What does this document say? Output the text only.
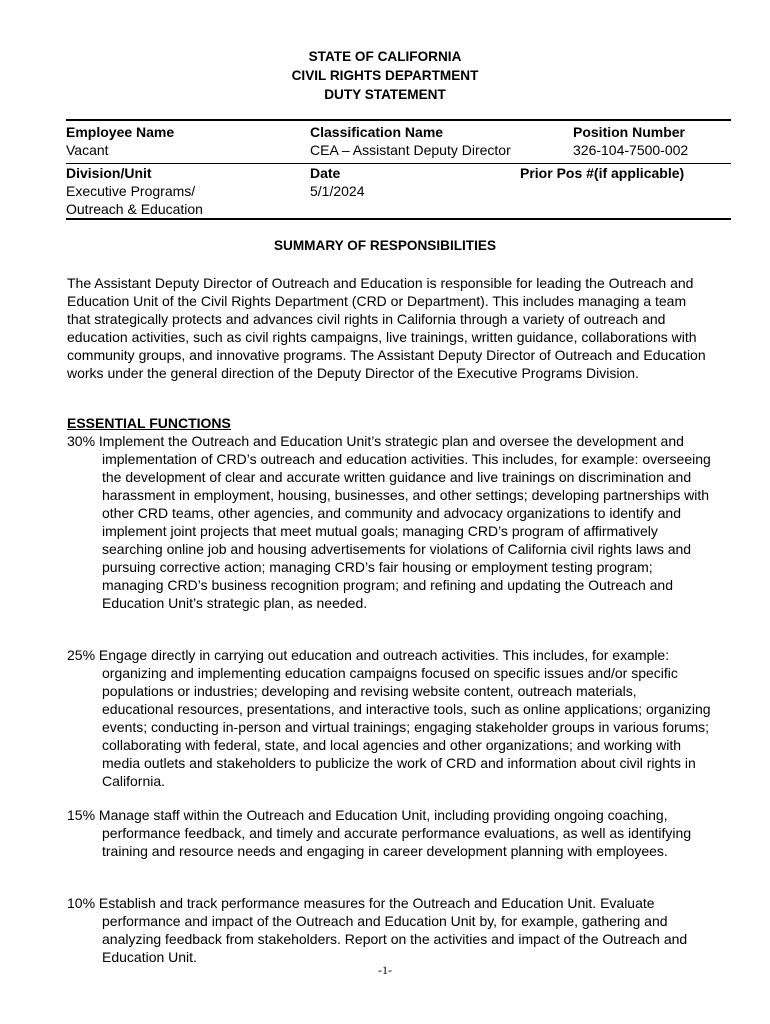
STATE OF CALIFORNIA
CIVIL RIGHTS DEPARTMENT
DUTY STATEMENT
Employee Name
Vacant
Classification Name
CEA – Assistant Deputy Director
Position Number
326-104-7500-002
Division/Unit
Executive Programs/
Outreach & Education
Date
5/1/2024
Prior Pos #(if applicable)
SUMMARY OF RESPONSIBILITIES

The Assistant Deputy Director of Outreach and Education is responsible for leading the Outreach and Education Unit of the Civil Rights Department (CRD or Department). This includes managing a team that strategically protects and advances civil rights in California through a variety of outreach and education activities, such as civil rights campaigns, live trainings, written guidance, collaborations with community groups, and innovative programs. The Assistant Deputy Director of Outreach and Education works under the general direction of the Deputy Director of the Executive Programs Division.

ESSENTIAL FUNCTIONS

30% Implement the Outreach and Education Unit’s strategic plan and oversee the development and implementation of CRD’s outreach and education activities. This includes, for example: overseeing the development of clear and accurate written guidance and live trainings on discrimination and harassment in employment, housing, businesses, and other settings; developing partnerships with other CRD teams, other agencies, and community and advocacy organizations to identify and implement joint projects that meet mutual goals; managing CRD’s program of affirmatively searching online job and housing advertisements for violations of California civil rights laws and pursuing corrective action; managing CRD’s fair housing or employment testing program; managing CRD’s business recognition program; and refining and updating the Outreach and Education Unit’s strategic plan, as needed.

25% Engage directly in carrying out education and outreach activities. This includes, for example: organizing and implementing education campaigns focused on specific issues and/or specific populations or industries; developing and revising website content, outreach materials, educational resources, presentations, and interactive tools, such as online applications; organizing events; conducting in-person and virtual trainings; engaging stakeholder groups in various forums; collaborating with federal, state, and local agencies and other organizations; and working with media outlets and stakeholders to publicize the work of CRD and information about civil rights in California.

15% Manage staff within the Outreach and Education Unit, including providing ongoing coaching, performance feedback, and timely and accurate performance evaluations, as well as identifying training and resource needs and engaging in career development planning with employees.

10% Establish and track performance measures for the Outreach and Education Unit. Evaluate performance and impact of the Outreach and Education Unit by, for example, gathering and analyzing feedback from stakeholders. Report on the activities and impact of the Outreach and Education Unit.

-1-
